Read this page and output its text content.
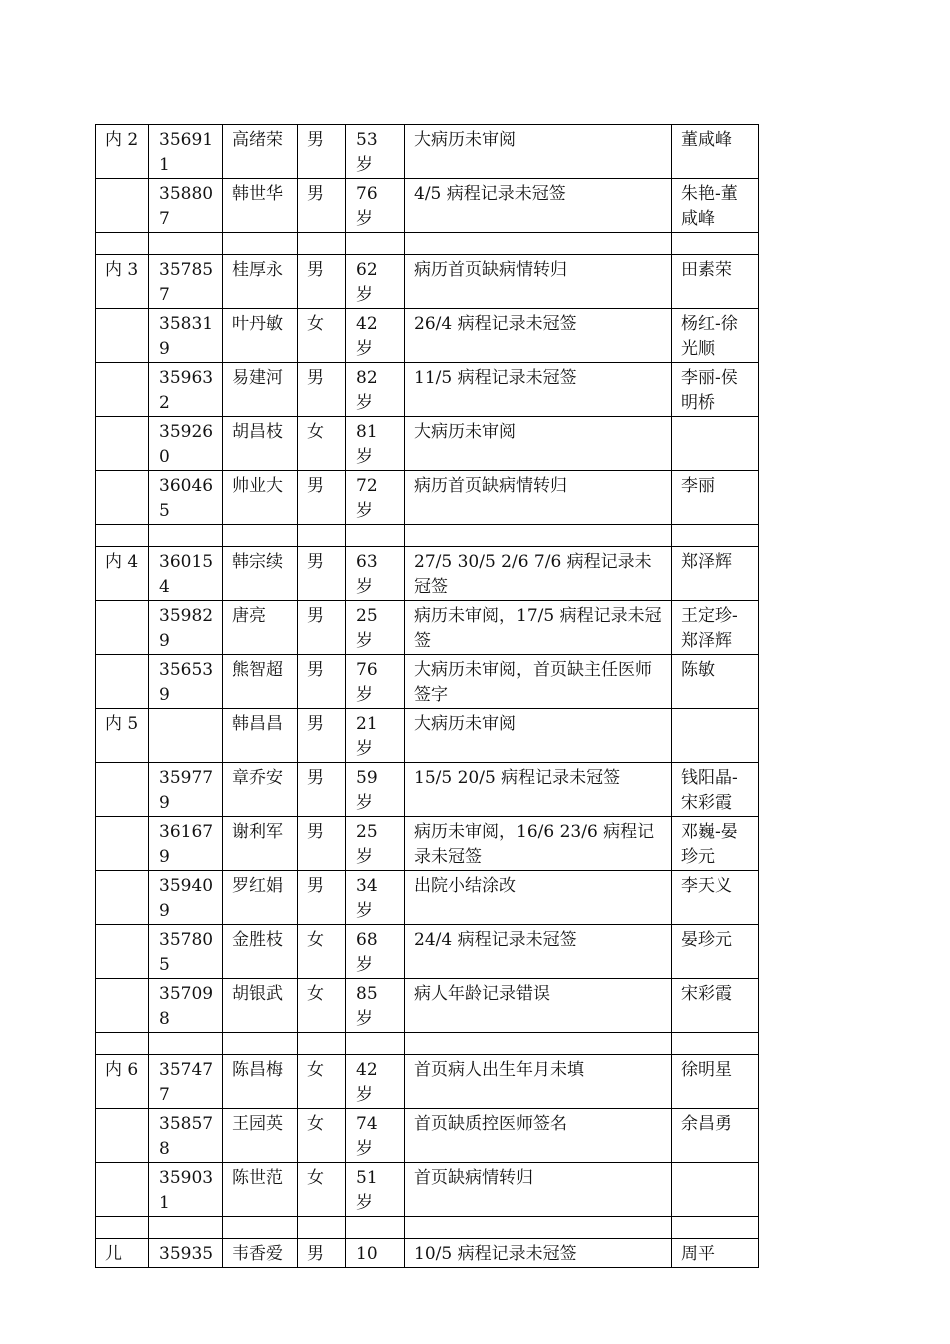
内 2	356911	高绪荣	男	53 岁	大病历未审阅	董咸峰
	358807	韩世华	男	76 岁	4/5 病程记录未冠签	朱艳-董咸峰

内 3	357857	桂厚永	男	62 岁	病历首页缺病情转归	田素荣
	358319	叶丹敏	女	42 岁	26/4 病程记录未冠签	杨红-徐光顺
	359632	易建河	男	82 岁	11/5 病程记录未冠签	李丽-侯明桥
	359260	胡昌枝	女	81 岁	大病历未审阅	
	360465	帅业大	男	72 岁	病历首页缺病情转归	李丽

内 4	360154	韩宗续	男	63 岁	27/5 30/5 2/6 7/6 病程记录未冠签	郑泽辉
	359829	唐亮	男	25 岁	病历未审阅，17/5 病程记录未冠签	王定珍-郑泽辉
	356539	熊智超	男	76 岁	大病历未审阅，首页缺主任医师签字	陈敏
内 5		韩昌昌	男	21 岁	大病历未审阅	
	359779	章乔安	男	59 岁	15/5 20/5 病程记录未冠签	钱阳晶-宋彩霞
	361679	谢利军	男	25 岁	病历未审阅，16/6 23/6 病程记录未冠签	邓巍-晏珍元
	359409	罗红娟	男	34 岁	出院小结涂改	李天义
	357805	金胜枝	女	68 岁	24/4 病程记录未冠签	晏珍元
	357098	胡银武	女	85 岁	病人年龄记录错误	宋彩霞

内 6	357477	陈昌梅	女	42 岁	首页病人出生年月未填	徐明星
	358578	王园英	女	74 岁	首页缺质控医师签名	余昌勇
	359031	陈世范	女	51 岁	首页缺病情转归	

儿	35935	韦香爱	男	10	10/5 病程记录未冠签	周平
